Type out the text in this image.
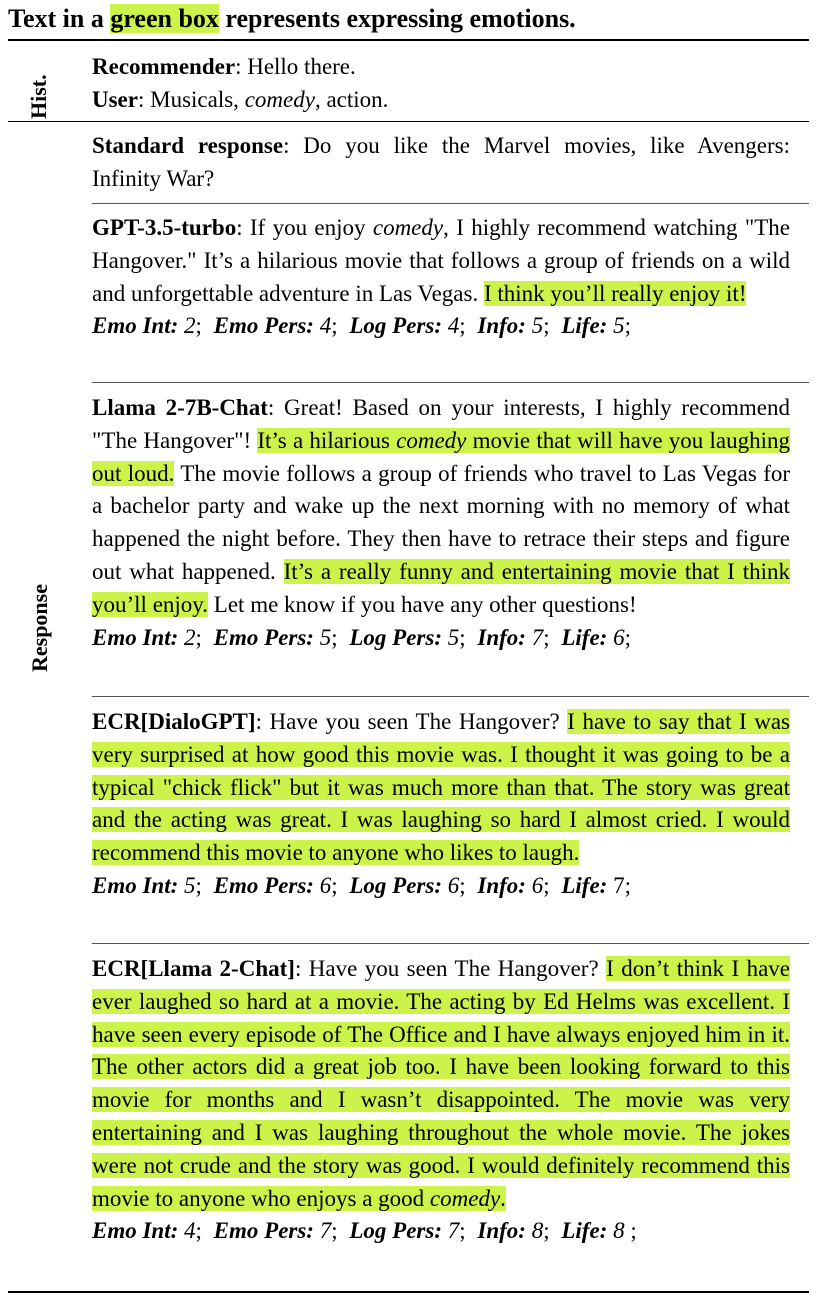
Text in a green box represents expressing emotions.
Hist.
Recommender: Hello there.
User: Musicals, comedy, action.
Response
Standard response: Do you like the Marvel movies, like Avengers: Infinity War?
GPT-3.5-turbo: If you enjoy comedy, I highly recommend watching "The Hangover." It’s a hilarious movie that follows a group of friends on a wild and unforgettable adventure in Las Vegas. I think you’ll really enjoy it!
Emo Int: 2; Emo Pers: 4; Log Pers: 4; Info: 5; Life: 5;
Llama 2-7B-Chat: Great! Based on your interests, I highly recommend "The Hangover"! It’s a hilarious comedy movie that will have you laughing out loud. The movie follows a group of friends who travel to Las Vegas for a bachelor party and wake up the next morning with no memory of what happened the night before. They then have to retrace their steps and figure out what happened. It’s a really funny and entertaining movie that I think you’ll enjoy. Let me know if you have any other questions!
Emo Int: 2; Emo Pers: 5; Log Pers: 5; Info: 7; Life: 6;
ECR[DialoGPT]: Have you seen The Hangover? I have to say that I was very surprised at how good this movie was. I thought it was going to be a typical "chick flick" but it was much more than that. The story was great and the acting was great. I was laughing so hard I almost cried. I would recommend this movie to anyone who likes to laugh.
Emo Int: 5; Emo Pers: 6; Log Pers: 6; Info: 6; Life: 7;
ECR[Llama 2-Chat]: Have you seen The Hangover? I don’t think I have ever laughed so hard at a movie. The acting by Ed Helms was excellent. I have seen every episode of The Office and I have always enjoyed him in it. The other actors did a great job too. I have been looking forward to this movie for months and I wasn’t disappointed. The movie was very entertaining and I was laughing throughout the whole movie. The jokes were not crude and the story was good. I would definitely recommend this movie to anyone who enjoys a good comedy.
Emo Int: 4; Emo Pers: 7; Log Pers: 7; Info: 8; Life: 8 ;
